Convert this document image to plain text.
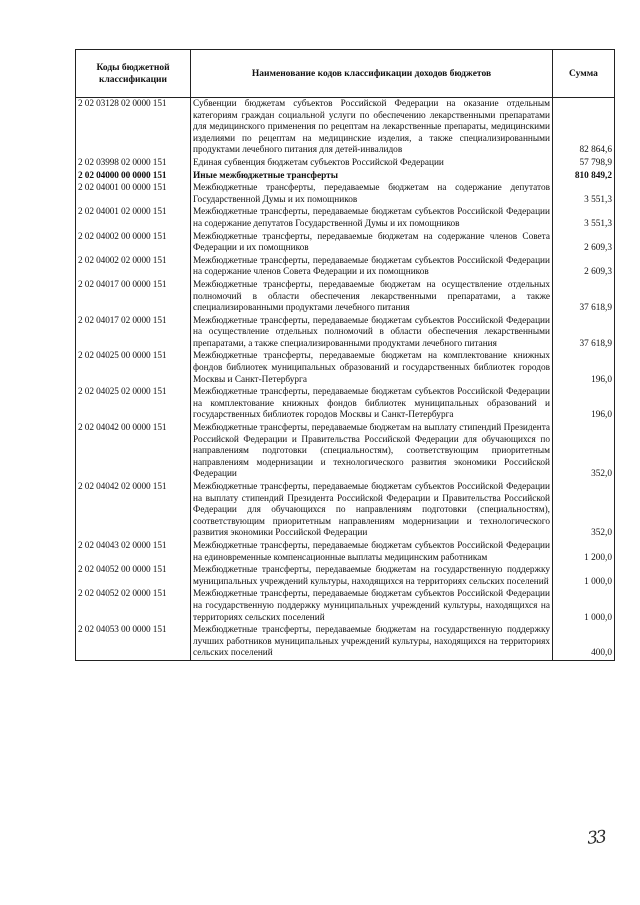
Коды бюджетной классификации	Наименование кодов классификации доходов бюджетов	Сумма
2 02 03128 02 0000 151	Субвенции бюджетам субъектов Российской Федерации на оказание отдельным категориям граждан социальной услуги по обеспечению лекарственными препаратами для медицинского применения по рецептам на лекарственные препараты, медицинскими изделиями по рецептам на медицинские изделия, а также специализированными продуктами лечебного питания для детей-инвалидов	82 864,6
2 02 03998 02 0000 151	Единая субвенция бюджетам субъектов Российской Федерации	57 798,9
2 02 04000 00 0000 151	Иные межбюджетные трансферты	810 849,2
2 02 04001 00 0000 151	Межбюджетные трансферты, передаваемые бюджетам на содержание депутатов Государственной Думы и их помощников	3 551,3
2 02 04001 02 0000 151	Межбюджетные трансферты, передаваемые бюджетам субъектов Российской Федерации на содержание депутатов Государственной Думы и их помощников	3 551,3
2 02 04002 00 0000 151	Межбюджетные трансферты, передаваемые бюджетам на содержание членов Совета Федерации и их помощников	2 609,3
2 02 04002 02 0000 151	Межбюджетные трансферты, передаваемые бюджетам субъектов Российской Федерации на содержание членов Совета Федерации и их помощников	2 609,3
2 02 04017 00 0000 151	Межбюджетные трансферты, передаваемые бюджетам на осуществление отдельных полномочий в области обеспечения лекарственными препаратами, а также специализированными продуктами лечебного питания	37 618,9
2 02 04017 02 0000 151	Межбюджетные трансферты, передаваемые бюджетам субъектов Российской Федерации на осуществление отдельных полномочий в области обеспечения лекарственными препаратами, а также специализированными продуктами лечебного питания	37 618,9
2 02 04025 00 0000 151	Межбюджетные трансферты, передаваемые бюджетам на комплектование книжных фондов библиотек муниципальных образований и государственных библиотек городов Москвы и Санкт-Петербурга	196,0
2 02 04025 02 0000 151	Межбюджетные трансферты, передаваемые бюджетам субъектов Российской Федерации на комплектование книжных фондов библиотек муниципальных образований и государственных библиотек городов Москвы и Санкт-Петербурга	196,0
2 02 04042 00 0000 151	Межбюджетные трансферты, передаваемые бюджетам на выплату стипендий Президента Российской Федерации и Правительства Российской Федерации для обучающихся по направлениям подготовки (специальностям), соответствующим приоритетным направлениям модернизации и технологического развития экономики Российской Федерации	352,0
2 02 04042 02 0000 151	Межбюджетные трансферты, передаваемые бюджетам субъектов Российской Федерации на выплату стипендий Президента Российской Федерации и Правительства Российской Федерации для обучающихся по направлениям подготовки (специальностям), соответствующим приоритетным направлениям модернизации и технологического развития экономики Российской Федерации	352,0
2 02 04043 02 0000 151	Межбюджетные трансферты, передаваемые бюджетам субъектов Российской Федерации на единовременные компенсационные выплаты медицинским работникам	1 200,0
2 02 04052 00 0000 151	Межбюджетные трансферты, передаваемые бюджетам на государственную поддержку муниципальных учреждений культуры, находящихся на территориях сельских поселений	1 000,0
2 02 04052 02 0000 151	Межбюджетные трансферты, передаваемые бюджетам субъектов Российской Федерации на государственную поддержку муниципальных учреждений культуры, находящихся на территориях сельских поселений	1 000,0
2 02 04053 00 0000 151	Межбюджетные трансферты, передаваемые бюджетам на государственную поддержку лучших работников муниципальных учреждений культуры, находящихся на территориях сельских поселений	400,0
33
